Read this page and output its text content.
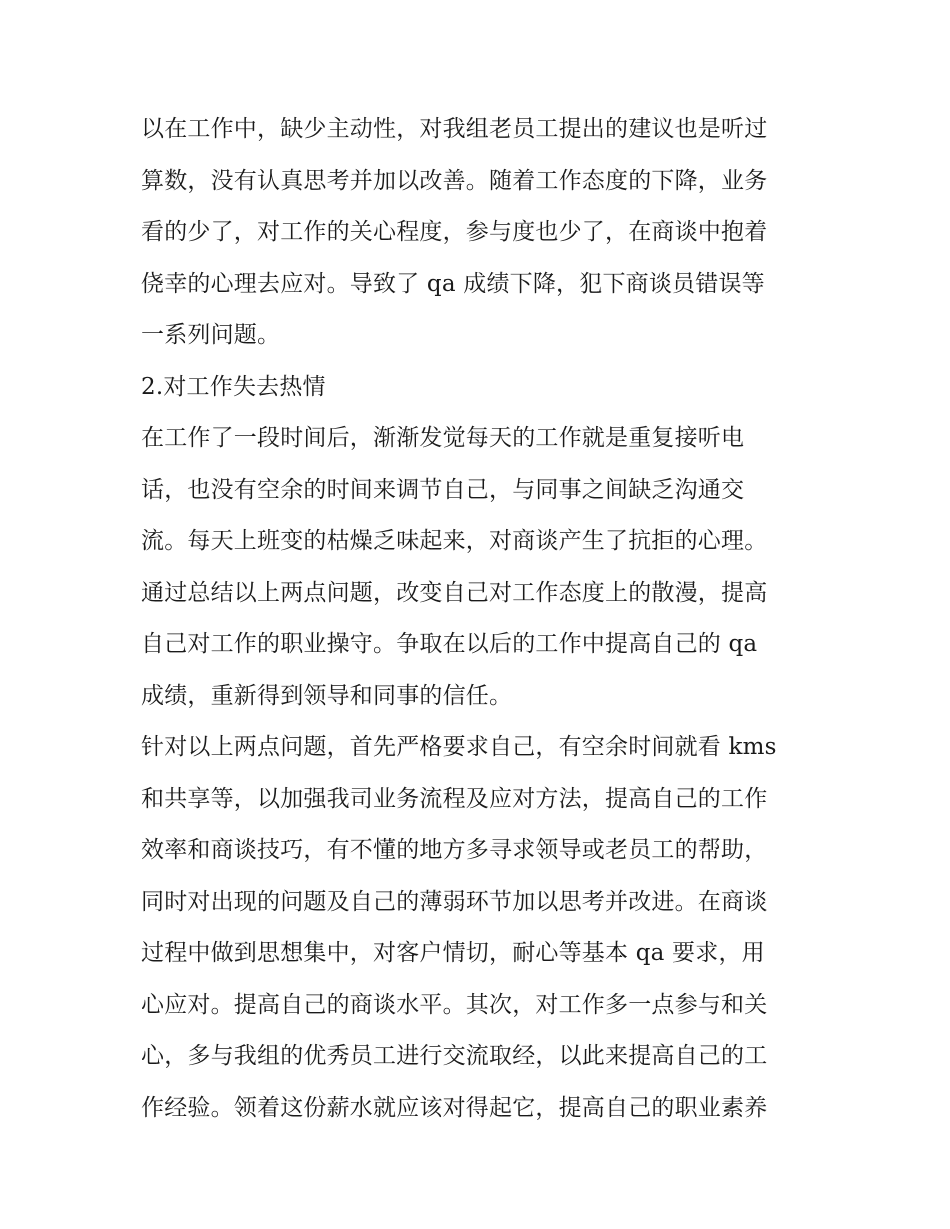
以在工作中，缺少主动性，对我组老员工提出的建议也是听过
算数，没有认真思考并加以改善。随着工作态度的下降，业务
看的少了，对工作的关心程度，参与度也少了，在商谈中抱着
侥幸的心理去应对。导致了 qa 成绩下降，犯下商谈员错误等
一系列问题。
2.对工作失去热情
在工作了一段时间后，渐渐发觉每天的工作就是重复接听电
话，也没有空余的时间来调节自己，与同事之间缺乏沟通交
流。每天上班变的枯燥乏味起来，对商谈产生了抗拒的心理。
通过总结以上两点问题，改变自己对工作态度上的散漫，提高
自己对工作的职业操守。争取在以后的工作中提高自己的 qa
成绩，重新得到领导和同事的信任。
针对以上两点问题，首先严格要求自己，有空余时间就看 kms
和共享等，以加强我司业务流程及应对方法，提高自己的工作
效率和商谈技巧，有不懂的地方多寻求领导或老员工的帮助，
同时对出现的问题及自己的薄弱环节加以思考并改进。在商谈
过程中做到思想集中，对客户情切，耐心等基本 qa 要求，用
心应对。提高自己的商谈水平。其次，对工作多一点参与和关
心，多与我组的优秀员工进行交流取经，以此来提高自己的工
作经验。领着这份薪水就应该对得起它，提高自己的职业素养
